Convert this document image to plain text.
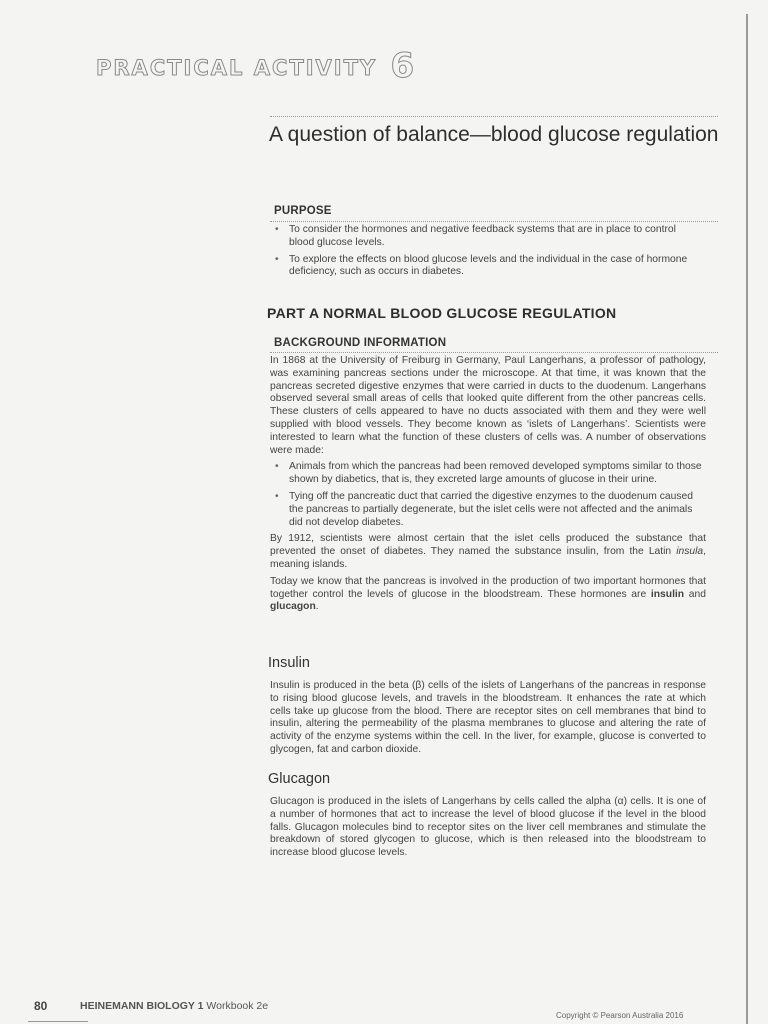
PRACTICAL ACTIVITY 6
A question of balance—blood glucose regulation
PURPOSE
• To consider the hormones and negative feedback systems that are in place to control blood glucose levels.
• To explore the effects on blood glucose levels and the individual in the case of hormone deficiency, such as occurs in diabetes.
PART A NORMAL BLOOD GLUCOSE REGULATION
BACKGROUND INFORMATION

In 1868 at the University of Freiburg in Germany, Paul Langerhans, a professor of pathology, was examining pancreas sections under the microscope. At that time, it was known that the pancreas secreted digestive enzymes that were carried in ducts to the duodenum. Langerhans observed several small areas of cells that looked quite different from the other pancreas cells. These clusters of cells appeared to have no ducts associated with them and they were well supplied with blood vessels. They become known as ‘islets of Langerhans’. Scientists were interested to learn what the function of these clusters of cells was. A number of observations were made:

• Animals from which the pancreas had been removed developed symptoms similar to those shown by diabetics, that is, they excreted large amounts of glucose in their urine.
• Tying off the pancreatic duct that carried the digestive enzymes to the duodenum caused the pancreas to partially degenerate, but the islet cells were not affected and the animals did not develop diabetes.

By 1912, scientists were almost certain that the islet cells produced the substance that prevented the onset of diabetes. They named the substance insulin, from the Latin insula, meaning islands.

Today we know that the pancreas is involved in the production of two important hormones that together control the levels of glucose in the bloodstream. These hormones are insulin and glucagon.

Insulin

Insulin is produced in the beta (β) cells of the islets of Langerhans of the pancreas in response to rising blood glucose levels, and travels in the bloodstream. It enhances the rate at which cells take up glucose from the blood. There are receptor sites on cell membranes that bind to insulin, altering the permeability of the plasma membranes to glucose and altering the rate of activity of the enzyme systems within the cell. In the liver, for example, glucose is converted to glycogen, fat and carbon dioxide.

Glucagon

Glucagon is produced in the islets of Langerhans by cells called the alpha (α) cells. It is one of a number of hormones that act to increase the level of blood glucose if the level in the blood falls. Glucagon molecules bind to receptor sites on the liver cell membranes and stimulate the breakdown of stored glycogen to glucose, which is then released into the bloodstream to increase blood glucose levels.

80	HEINEMANN BIOLOGY 1 Workbook 2e
Copyright © Pearson Australia 2016
